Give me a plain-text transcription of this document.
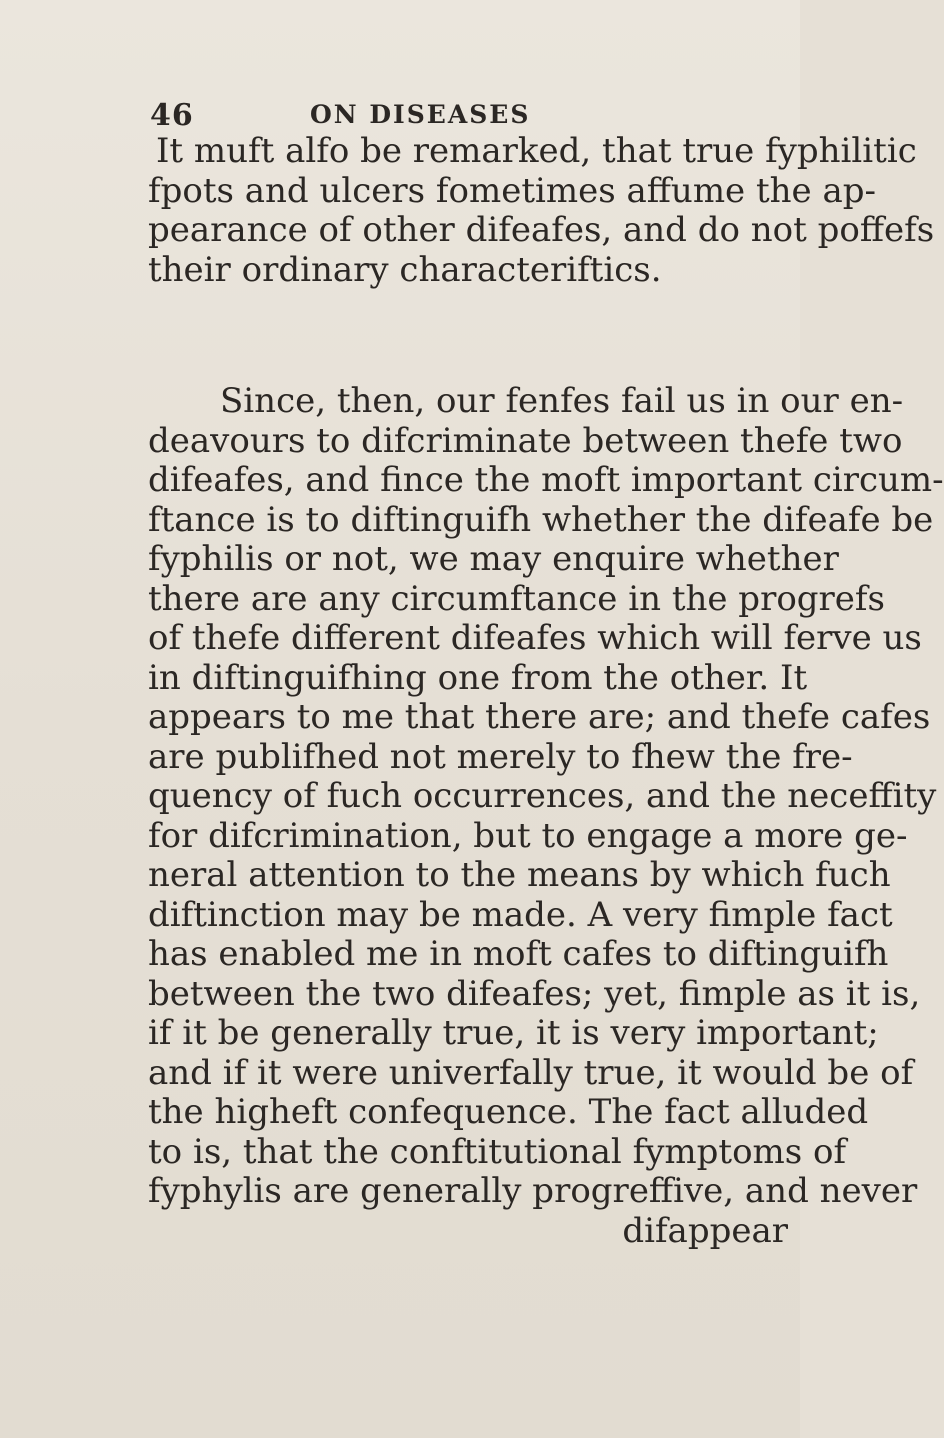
46	ON DISEASES
It muft alfo be remarked, that true fyphilitic
fpots and ulcers fometimes affume the ap-
pearance of other difeafes, and do not poffefs
their ordinary characteriftics.
Since, then, our fenfes fail us in our en-
deavours to difcriminate between thefe two
difeafes, and fince the moft important circum-
ftance is to diftinguifh whether the difeafe be
fyphilis or not, we may enquire whether
there are any circumftance in the progrefs
of thefe different difeafes which will ferve us
in diftinguifhing one from the other. It
appears to me that there are; and thefe cafes
are publifhed not merely to fhew the fre-
quency of fuch occurrences, and the neceffity
for difcrimination, but to engage a more ge-
neral attention to the means by which fuch
diftinction may be made. A very fimple fact
has enabled me in moft cafes to diftinguifh
between the two difeafes; yet, fimple as it is,
if it be generally true, it is very important;
and if it were univerfally true, it would be of
the higheft confequence. The fact alluded
to is, that the conftitutional fymptoms of
fyphylis are generally progreffive, and never
difappear
